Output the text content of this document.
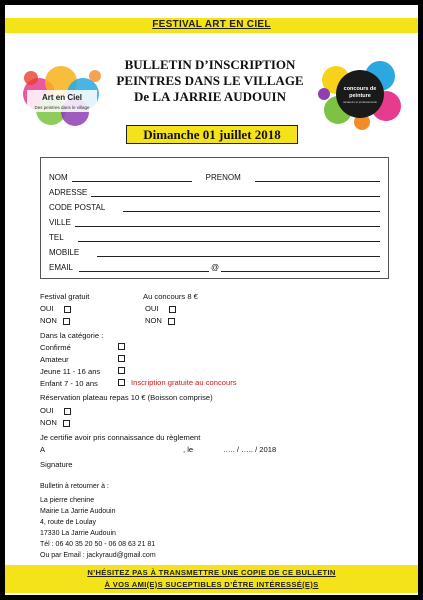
FESTIVAL ART EN CIEL
Art en Ciel
Des peintres dans le village
concours de
peinture
amateurs et professionnels
BULLETIN D’INSCRIPTION
PEINTRES DANS LE VILLAGE
De LA JARRIE AUDOUIN
Dimanche 01 juillet 2018
NOM	PRENOM
ADRESSE
CODE POSTAL
VILLE
TEL
MOBILE
EMAIL	@
Festival gratuit	Au concours 8 €
OUI	OUI
NON	NON
Dans la catégorie :
Confirmé
Amateur
Jeune 11 - 16 ans
Enfant 7 - 10 ans	Inscription gratuite au concours
Réservation plateau repas 10 € (Boisson comprise)
OUI
NON
Je certifie avoir pris connaissance du règlement
A	, le	….. / ….. / 2018
Signature
Bulletin à retourner à :
La pierre chenine
Mairie La Jarrie Audouin
4, route de Loulay
17330 La Jarrie Audouin
Tél : 06 40 35 20 50 - 06 08 63 21 81
Ou par Email : jackyraud@gmail.com
N’HÉSITEZ PAS À TRANSMETTRE UNE COPIE DE CE BULLETIN
À VOS AMI(E)S SUCEPTIBLES D’ÊTRE INTÉRESSÉ(E)S
